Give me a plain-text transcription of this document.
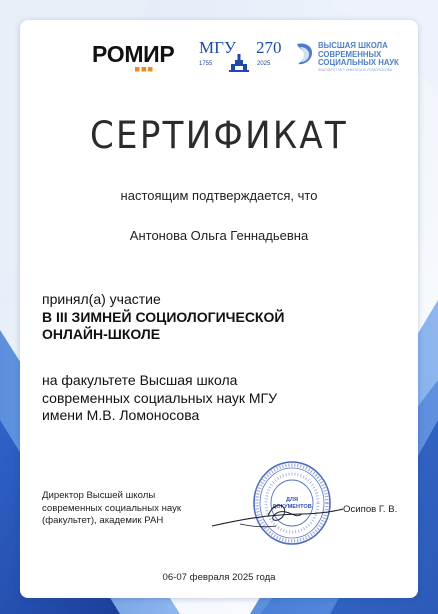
РОМИР МГУ 270
1755	2025
ВЫСШАЯ ШКОЛА
СОВРЕМЕННЫХ
СОЦИАЛЬНЫХ НАУК
ФАКУЛЬТЕТ МГУ ИМЕНИ М.В. ЛОМОНОСОВА
СЕРТИФИКАТ
настоящим подтверждается, что
Антонова Ольга Геннадьевна
принял(а) участие
В III ЗИМНЕЙ СОЦИОЛОГИЧЕСКОЙ
ОНЛАЙН-ШКОЛЕ
на факультете Высшая школа
современных социальных наук МГУ
имени М.В. Ломоносова
Директор Высшей школы
современных социальных наук
(факультет), академик РАН
ДЛЯ
ДОКУМЕНТОВ	Осипов Г. В.
06-07 февраля 2025 года
